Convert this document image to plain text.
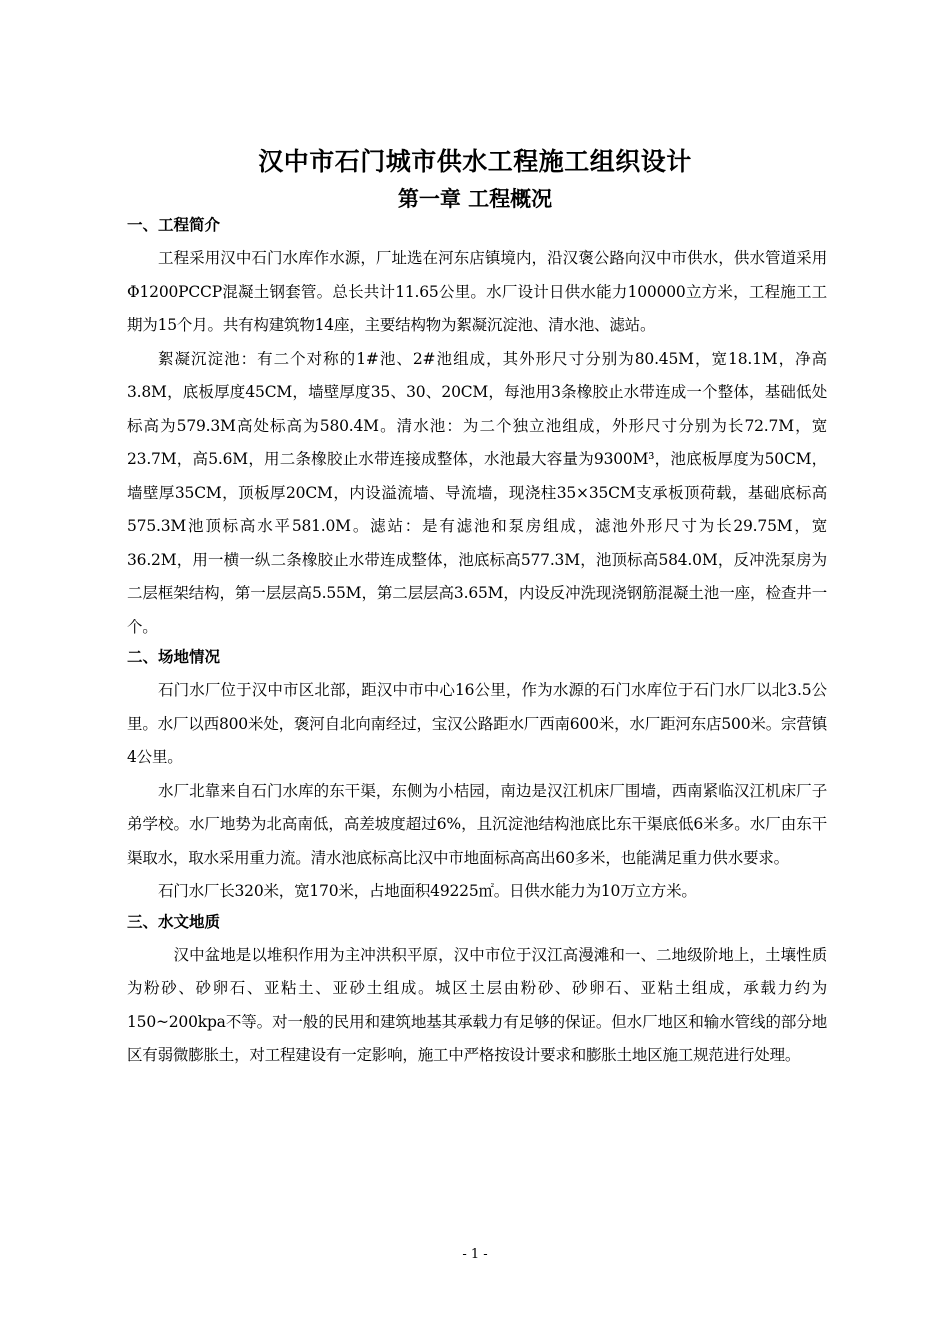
汉中市石门城市供水工程施工组织设计
第一章 工程概况
一、工程简介

工程采用汉中石门水库作水源，厂址选在河东店镇境内，沿汉褒公路向汉中市供水，供水管道采用Φ1200PCCP混凝土钢套管。总长共计11.65公里。水厂设计日供水能力100000立方米，工程施工工期为15个月。共有构建筑物14座，主要结构物为絮凝沉淀池、清水池、滤站。

絮凝沉淀池：有二个对称的1#池、2#池组成，其外形尺寸分别为80.45M，宽18.1M，净高3.8M，底板厚度45CM，墙壁厚度35、30、20CM，每池用3条橡胶止水带连成一个整体，基础低处标高为579.3M高处标高为580.4M。清水池：为二个独立池组成，外形尺寸分别为长72.7M，宽23.7M，高5.6M，用二条橡胶止水带连接成整体，水池最大容量为9300M³，池底板厚度为50CM，墙壁厚35CM，顶板厚20CM，内设溢流墙、导流墙，现浇柱35×35CM支承板顶荷载，基础底标高575.3M池顶标高水平581.0M。滤站：是有滤池和泵房组成，滤池外形尺寸为长29.75M，宽36.2M，用一横一纵二条橡胶止水带连成整体，池底标高577.3M，池顶标高584.0M，反冲洗泵房为二层框架结构，第一层层高5.55M，第二层层高3.65M，内设反冲洗现浇钢筋混凝土池一座，检查井一个。

二、场地情况

石门水厂位于汉中市区北部，距汉中市中心16公里，作为水源的石门水库位于石门水厂以北3.5公里。水厂以西800米处，褒河自北向南经过，宝汉公路距水厂西南600米，水厂距河东店500米。宗营镇4公里。

水厂北靠来自石门水库的东干渠，东侧为小桔园，南边是汉江机床厂围墙，西南紧临汉江机床厂子弟学校。水厂地势为北高南低，高差坡度超过6%，且沉淀池结构池底比东干渠底低6米多。水厂由东干渠取水，取水采用重力流。清水池底标高比汉中市地面标高高出60多米，也能满足重力供水要求。

石门水厂长320米，宽170米，占地面积49225㎡。日供水能力为10万立方米。

三、水文地质

汉中盆地是以堆积作用为主冲洪积平原，汉中市位于汉江高漫滩和一、二地级阶地上，土壤性质为粉砂、砂卵石、亚粘土、亚砂土组成。城区土层由粉砂、砂卵石、亚粘土组成，承载力约为150~200kpa不等。对一般的民用和建筑地基其承载力有足够的保证。但水厂地区和输水管线的部分地区有弱微膨胀土，对工程建设有一定影响，施工中严格按设计要求和膨胀土地区施工规范进行处理。

- 1 -
